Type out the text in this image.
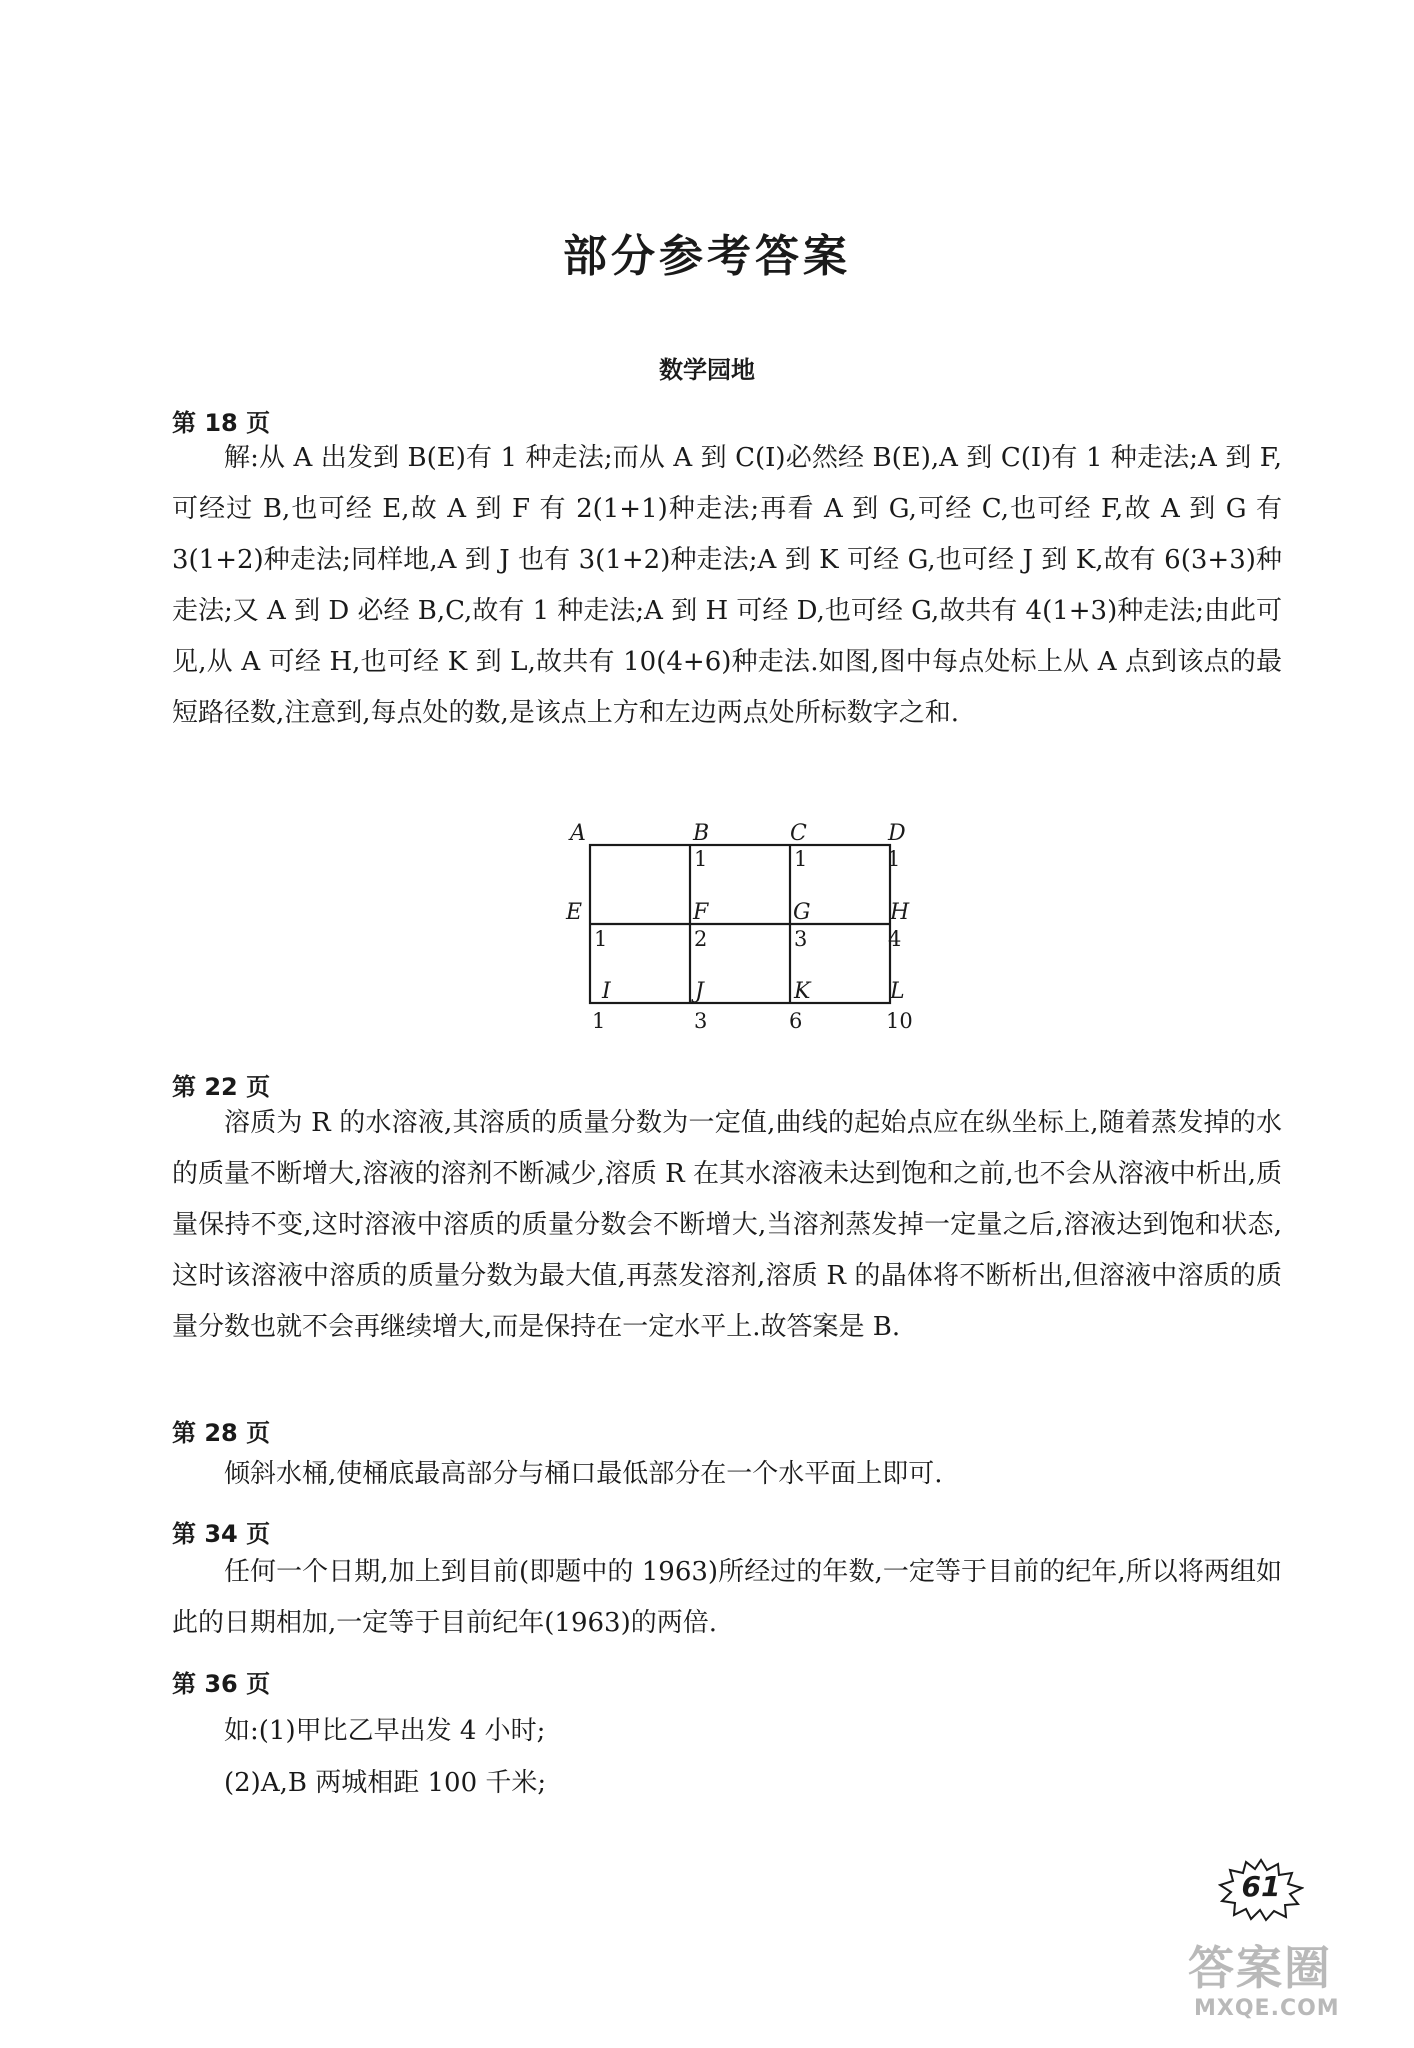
部分参考答案
数学园地
第 18 页

解:从 A 出发到 B(E)有 1 种走法;而从 A 到 C(I)必然经 B(E),A 到 C(I)有 1 种走法;A 到 F,可经过 B,也可经 E,故 A 到 F 有 2(1+1)种走法;再看 A 到 G,可经 C,也可经 F,故 A 到 G 有 3(1+2)种走法;同样地,A 到 J 也有 3(1+2)种走法;A 到 K 可经 G,也可经 J 到 K,故有 6(3+3)种走法;又 A 到 D 必经 B,C,故有 1 种走法;A 到 H 可经 D,也可经 G,故共有 4(1+3)种走法;由此可见,从 A 可经 H,也可经 K 到 L,故共有 10(4+6)种走法.如图,图中每点处标上从 A 点到该点的最短路径数,注意到,每点处的数,是该点上方和左边两点处所标数字之和.

A	B	C	D
E	F	G	H
I	J	K	L
1	1	1
1	2	3	4
1	3	6	10
第 22 页

溶质为 R 的水溶液,其溶质的质量分数为一定值,曲线的起始点应在纵坐标上,随着蒸发掉的水的质量不断增大,溶液的溶剂不断减少,溶质 R 在其水溶液未达到饱和之前,也不会从溶液中析出,质量保持不变,这时溶液中溶质的质量分数会不断增大,当溶剂蒸发掉一定量之后,溶液达到饱和状态,这时该溶液中溶质的质量分数为最大值,再蒸发溶剂,溶质 R 的晶体将不断析出,但溶液中溶质的质量分数也就不会再继续增大,而是保持在一定水平上.故答案是 B.

第 28 页

倾斜水桶,使桶底最高部分与桶口最低部分在一个水平面上即可.

第 34 页

任何一个日期,加上到目前(即题中的 1963)所经过的年数,一定等于目前的纪年,所以将两组如此的日期相加,一定等于目前纪年(1963)的两倍.

第 36 页

如:(1)甲比乙早出发 4 小时;

(2)A,B 两城相距 100 千米;

61
答案圈
MXQE.COM
